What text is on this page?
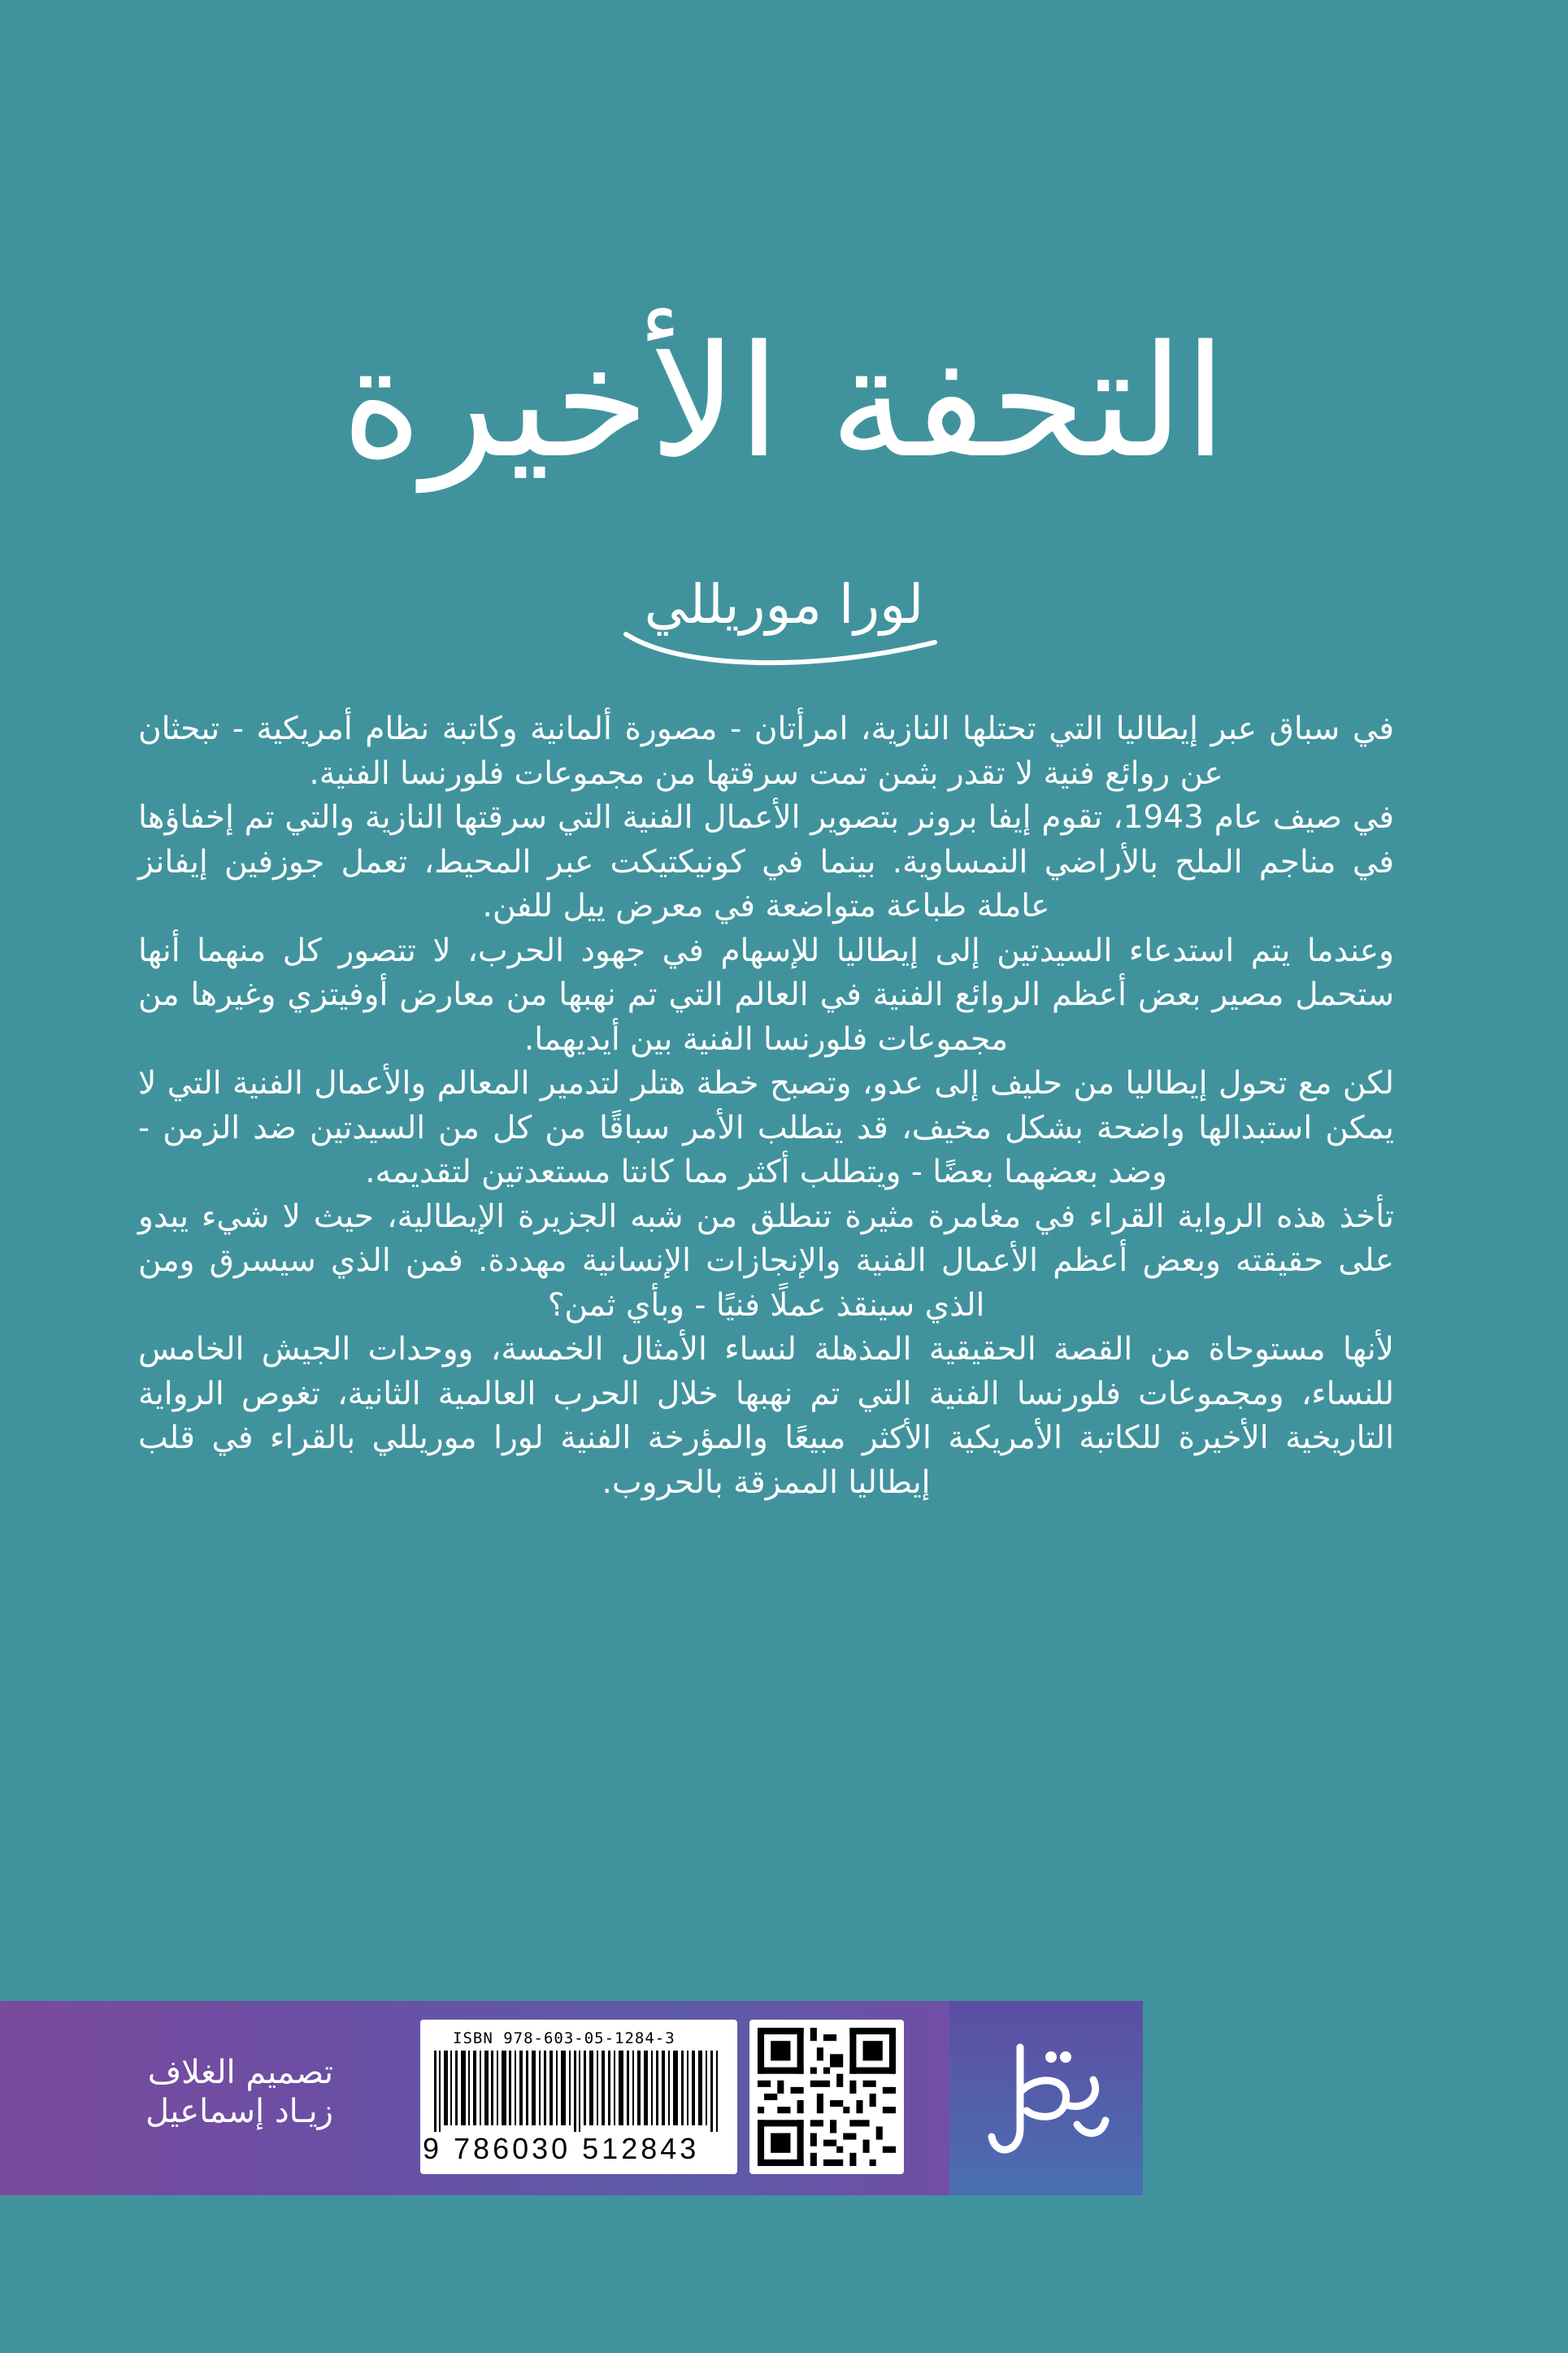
التحفة الأخيرة
لورا موريللي

في سباق عبر إيطاليا التي تحتلها النازية، امرأتان - مصورة ألمانية وكاتبة نظام أمريكية - تبحثان عن روائع فنية لا تقدر بثمن تمت سرقتها من مجموعات فلورنسا الفنية.

في صيف عام 1943، تقوم إيفا برونر بتصوير الأعمال الفنية التي سرقتها النازية والتي تم إخفاؤها في مناجم الملح بالأراضي النمساوية. بينما في كونيكتيكت عبر المحيط، تعمل جوزفين إيفانز عاملة طباعة متواضعة في معرض ييل للفن.

وعندما يتم استدعاء السيدتين إلى إيطاليا للإسهام في جهود الحرب، لا تتصور كل منهما أنها ستحمل مصير بعض أعظم الروائع الفنية في العالم التي تم نهبها من معارض أوفيتزي وغيرها من مجموعات فلورنسا الفنية بين أيديهما.

لكن مع تحول إيطاليا من حليف إلى عدو، وتصبح خطة هتلر لتدمير المعالم والأعمال الفنية التي لا يمكن استبدالها واضحة بشكل مخيف، قد يتطلب الأمر سباقًا من كل من السيدتين ضد الزمن - وضد بعضهما بعضًا - ويتطلب أكثر مما كانتا مستعدتين لتقديمه.

تأخذ هذه الرواية القراء في مغامرة مثيرة تنطلق من شبه الجزيرة الإيطالية، حيث لا شيء يبدو على حقيقته وبعض أعظم الأعمال الفنية والإنجازات الإنسانية مهددة. فمن الذي سيسرق ومن الذي سينقذ عملًا فنيًا - وبأي ثمن؟

لأنها مستوحاة من القصة الحقيقية المذهلة لنساء الأمثال الخمسة، ووحدات الجيش الخامس للنساء، ومجموعات فلورنسا الفنية التي تم نهبها خلال الحرب العالمية الثانية، تغوص الرواية التاريخية الأخيرة للكاتبة الأمريكية الأكثر مبيعًا والمؤرخة الفنية لورا موريللي بالقراء في قلب إيطاليا الممزقة بالحروب.

تصميم الغلاف
زيـاد إسماعيل
ISBN 978-603-05-1284-3
9 786030 512843
